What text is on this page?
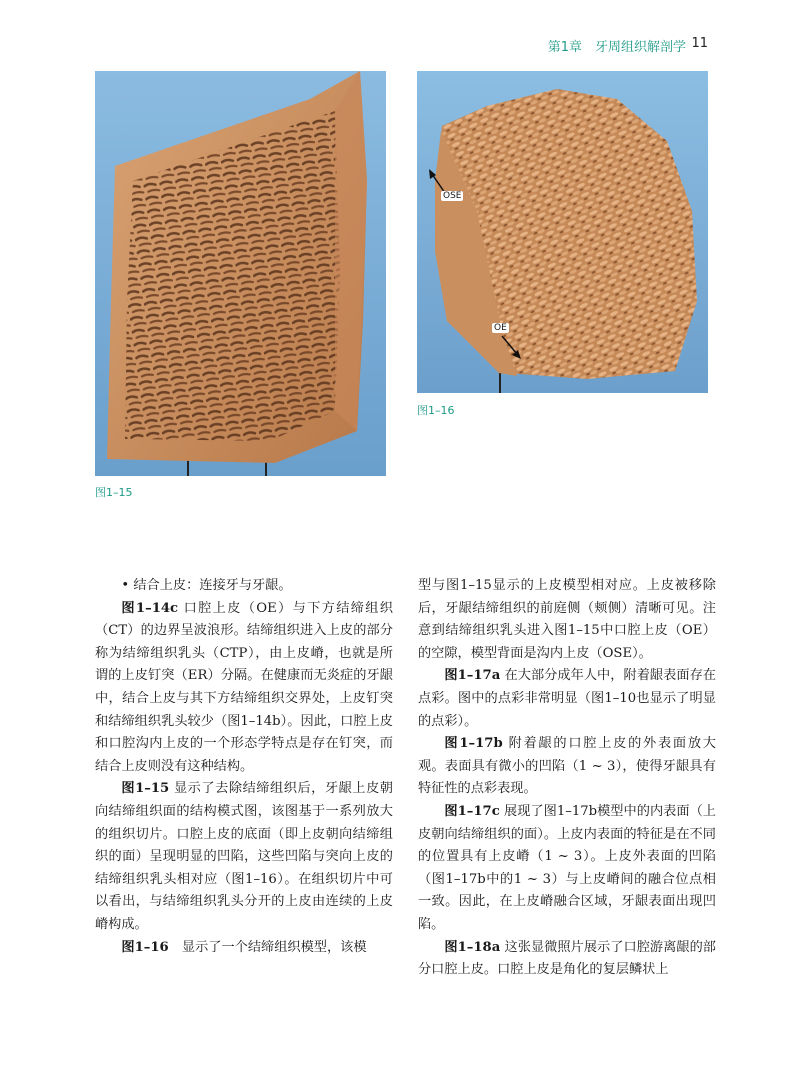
第1章　牙周组织解剖学 11
图1–15
OSE
OE
图1–16

• 结合上皮：连接牙与牙龈。

图1–14c 口腔上皮（OE）与下方结缔组织（CT）的边界呈波浪形。结缔组织进入上皮的部分称为结缔组织乳头（CTP），由上皮嵴，也就是所谓的上皮钉突（ER）分隔。在健康而无炎症的牙龈中，结合上皮与其下方结缔组织交界处，上皮钉突和结缔组织乳头较少（图1–14b）。因此，口腔上皮和口腔沟内上皮的一个形态学特点是存在钉突，而结合上皮则没有这种结构。

图1–15 显示了去除结缔组织后，牙龈上皮朝向结缔组织面的结构模式图，该图基于一系列放大的组织切片。口腔上皮的底面（即上皮朝向结缔组织的面）呈现明显的凹陷，这些凹陷与突向上皮的结缔组织乳头相对应（图1–16）。在组织切片中可以看出，与结缔组织乳头分开的上皮由连续的上皮嵴构成。

图1–16　显示了一个结缔组织模型，该模

型与图1–15显示的上皮模型相对应。上皮被移除后，牙龈结缔组织的前庭侧（颊侧）清晰可见。注意到结缔组织乳头进入图1–15中口腔上皮（OE）的空隙，模型背面是沟内上皮（OSE）。

图1–17a 在大部分成年人中，附着龈表面存在点彩。图中的点彩非常明显（图1–10也显示了明显的点彩）。

图1–17b 附着龈的口腔上皮的外表面放大观。表面具有微小的凹陷（1 ~ 3），使得牙龈具有特征性的点彩表现。

图1–17c 展现了图1–17b模型中的内表面（上皮朝向结缔组织的面）。上皮内表面的特征是在不同的位置具有上皮嵴（1 ~ 3）。上皮外表面的凹陷（图1–17b中的1 ~ 3）与上皮嵴间的融合位点相一致。因此，在上皮嵴融合区域，牙龈表面出现凹陷。

图1–18a 这张显微照片展示了口腔游离龈的部分口腔上皮。口腔上皮是角化的复层鳞状上
